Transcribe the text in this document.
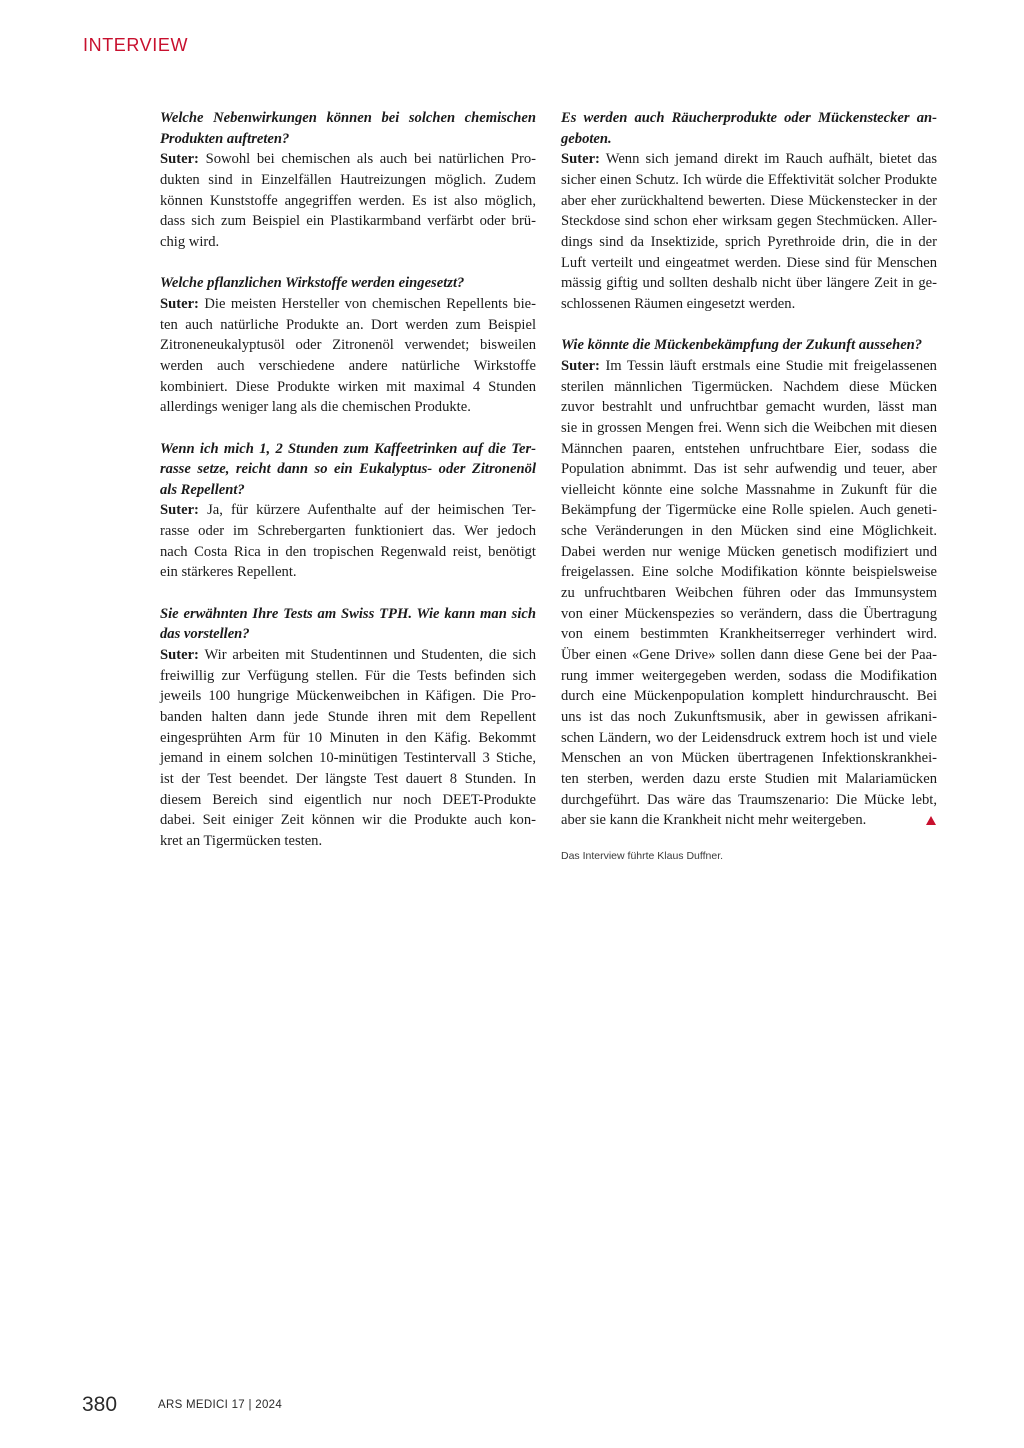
INTERVIEW
Welche Nebenwirkungen können bei solchen chemischen
Produkten auftreten?
Suter: Sowohl bei chemischen als auch bei natürlichen Pro-
dukten sind in Einzelfällen Hautreizungen möglich. Zudem
können Kunststoffe angegriffen werden. Es ist also möglich,
dass sich zum Beispiel ein Plastikarmband verfärbt oder brü-
chig wird.
Welche pflanzlichen Wirkstoffe werden eingesetzt?
Suter: Die meisten Hersteller von chemischen Repellents bie-
ten auch natürliche Produkte an. Dort werden zum Beispiel
Zitroneneukalyptusöl oder Zitronenöl verwendet; bisweilen
werden auch verschiedene andere natürliche Wirkstoffe
kombiniert. Diese Produkte wirken mit maximal 4 Stunden
allerdings weniger lang als die chemischen Produkte.
Wenn ich mich 1, 2 Stunden zum Kaffeetrinken auf die Ter-
rasse setze, reicht dann so ein Eukalyptus- oder Zitronenöl
als Repellent?
Suter: Ja, für kürzere Aufenthalte auf der heimischen Ter-
rasse oder im Schrebergarten funktioniert das. Wer jedoch
nach Costa Rica in den tropischen Regenwald reist, benötigt
ein stärkeres Repellent.
Sie erwähnten Ihre Tests am Swiss TPH. Wie kann man sich
das vorstellen?
Suter: Wir arbeiten mit Studentinnen und Studenten, die sich
freiwillig zur Verfügung stellen. Für die Tests befinden sich
jeweils 100 hungrige Mückenweibchen in Käfigen. Die Pro-
banden halten dann jede Stunde ihren mit dem Repellent
eingesprühten Arm für 10 Minuten in den Käfig. Bekommt
jemand in einem solchen 10-minütigen Testintervall 3 Stiche,
ist der Test beendet. Der längste Test dauert 8 Stunden. In
diesem Bereich sind eigentlich nur noch DEET-Produkte
dabei. Seit einiger Zeit können wir die Produkte auch kon-
kret an Tigermücken testen.
Es werden auch Räucherprodukte oder Mückenstecker an-
geboten.
Suter: Wenn sich jemand direkt im Rauch aufhält, bietet das
sicher einen Schutz. Ich würde die Effektivität solcher Produkte
aber eher zurückhaltend bewerten. Diese Mückenstecker in der
Steckdose sind schon eher wirksam gegen Stechmücken. Aller-
dings sind da Insektizide, sprich Pyrethroide drin, die in der
Luft verteilt und eingeatmet werden. Diese sind für Menschen
mässig giftig und sollten deshalb nicht über längere Zeit in ge-
schlossenen Räumen eingesetzt werden.
Wie könnte die Mückenbekämpfung der Zukunft aussehen?
Suter: Im Tessin läuft erstmals eine Studie mit freigelassenen
sterilen männlichen Tigermücken. Nachdem diese Mücken
zuvor bestrahlt und unfruchtbar gemacht wurden, lässt man
sie in grossen Mengen frei. Wenn sich die Weibchen mit diesen
Männchen paaren, entstehen unfruchtbare Eier, sodass die
Population abnimmt. Das ist sehr aufwendig und teuer, aber
vielleicht könnte eine solche Massnahme in Zukunft für die
Bekämpfung der Tigermücke eine Rolle spielen. Auch geneti-
sche Veränderungen in den Mücken sind eine Möglichkeit.
Dabei werden nur wenige Mücken genetisch modifiziert und
freigelassen. Eine solche Modifikation könnte beispielsweise
zu unfruchtbaren Weibchen führen oder das Immunsystem
von einer Mückenspezies so verändern, dass die Übertragung
von einem bestimmten Krankheitserreger verhindert wird.
Über einen «Gene Drive» sollen dann diese Gene bei der Paa-
rung immer weitergegeben werden, sodass die Modifikation
durch eine Mückenpopulation komplett hindurchrauscht. Bei
uns ist das noch Zukunftsmusik, aber in gewissen afrikani-
schen Ländern, wo der Leidensdruck extrem hoch ist und viele
Menschen an von Mücken übertragenen Infektionskrankhei-
ten sterben, werden dazu erste Studien mit Malariamücken
durchgeführt. Das wäre das Traumszenario: Die Mücke lebt,
aber sie kann die Krankheit nicht mehr weitergeben.
Das Interview führte Klaus Duffner.
380	ARS MEDICI 17 | 2024
